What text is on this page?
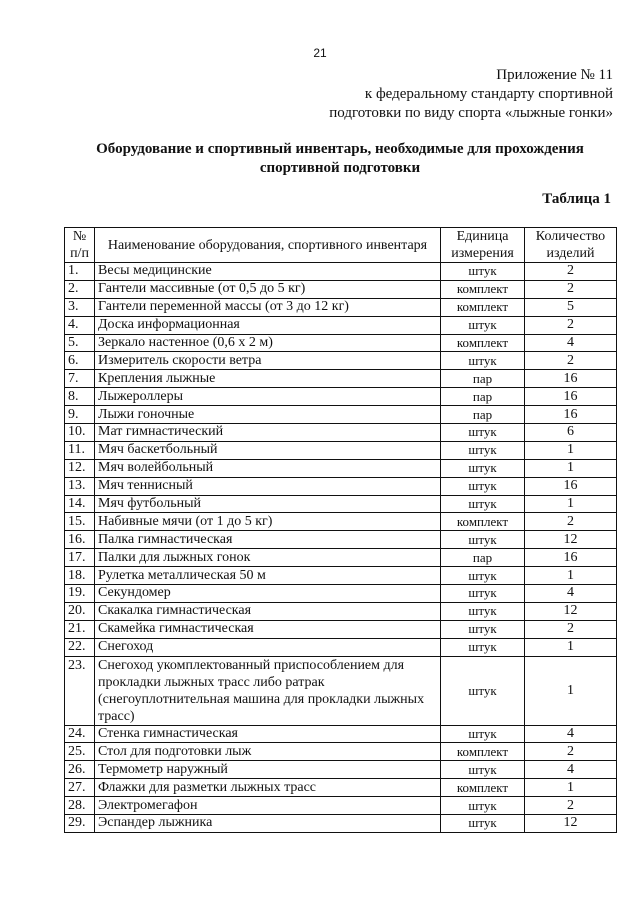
21
Приложение № 11
к федеральному стандарту спортивной
подготовки по виду спорта «лыжные гонки»
Оборудование и спортивный инвентарь, необходимые для прохождения
спортивной подготовки
Таблица 1
№ п/п	Наименование оборудования, спортивного инвентаря	Единица измерения	Количество изделий
1.	Весы медицинские	штук	2
2.	Гантели массивные (от 0,5 до 5 кг)	комплект	2
3.	Гантели переменной массы (от 3 до 12 кг)	комплект	5
4.	Доска информационная	штук	2
5.	Зеркало настенное (0,6 х 2 м)	комплект	4
6.	Измеритель скорости ветра	штук	2
7.	Крепления лыжные	пар	16
8.	Лыжероллеры	пар	16
9.	Лыжи гоночные	пар	16
10.	Мат гимнастический	штук	6
11.	Мяч баскетбольный	штук	1
12.	Мяч волейбольный	штук	1
13.	Мяч теннисный	штук	16
14.	Мяч футбольный	штук	1
15.	Набивные мячи (от 1 до 5 кг)	комплект	2
16.	Палка гимнастическая	штук	12
17.	Палки для лыжных гонок	пар	16
18.	Рулетка металлическая 50 м	штук	1
19.	Секундомер	штук	4
20.	Скакалка гимнастическая	штук	12
21.	Скамейка гимнастическая	штук	2
22.	Снегоход	штук	1
23.	Снегоход укомплектованный приспособлением для прокладки лыжных трасс либо ратрак (снегоуплотнительная машина для прокладки лыжных трасс)	штук	1
24.	Стенка гимнастическая	штук	4
25.	Стол для подготовки лыж	комплект	2
26.	Термометр наружный	штук	4
27.	Флажки для разметки лыжных трасс	комплект	1
28.	Электромегафон	штук	2
29.	Эспандер лыжника	штук	12
